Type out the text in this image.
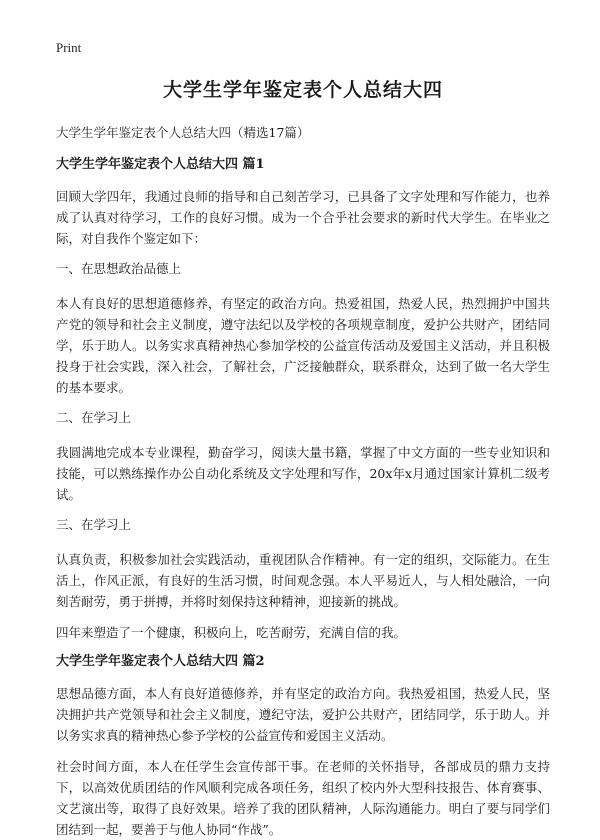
Print
大学生学年鉴定表个人总结大四
大学生学年鉴定表个人总结大四（精选17篇）
大学生学年鉴定表个人总结大四 篇1

回顾大学四年，我通过良师的指导和自己刻苦学习，已具备了文字处理和写作能力，也养成了认真对待学习，工作的良好习惯。成为一个合乎社会要求的新时代大学生。在毕业之际，对自我作个鉴定如下：

一、在思想政治品德上

本人有良好的思想道德修养，有坚定的政治方向。热爱祖国，热爱人民，热烈拥护中国共产党的领导和社会主义制度，遵守法纪以及学校的各项规章制度，爱护公共财产，团结同学，乐于助人。以务实求真精神热心参加学校的公益宣传活动及爱国主义活动，并且积极投身于社会实践，深入社会，了解社会，广泛接触群众，联系群众，达到了做一名大学生的基本要求。

二、在学习上

我圆满地完成本专业课程，勤奋学习，阅读大量书籍，掌握了中文方面的一些专业知识和技能，可以熟练操作办公自动化系统及文字处理和写作，20x年x月通过国家计算机二级考试。

三、在学习上

认真负责，积极参加社会实践活动，重视团队合作精神。有一定的组织，交际能力。在生活上，作风正派，有良好的生活习惯，时间观念强。本人平易近人，与人相处融洽，一向刻苦耐劳，勇于拼搏，并将时刻保持这种精神，迎接新的挑战。

四年来塑造了一个健康，积极向上，吃苦耐劳，充满自信的我。

大学生学年鉴定表个人总结大四 篇2

思想品德方面，本人有良好道德修养，并有坚定的政治方向。我热爱祖国，热爱人民，坚决拥护共产党领导和社会主义制度，遵纪守法，爱护公共财产，团结同学，乐于助人。并以务实求真的精神热心参予学校的公益宣传和爱国主义活动。

社会时间方面，本人在任学生会宣传部干事。在老师的关怀指导，各部成员的鼎力支持下，以高效优质团结的作风顺利完成各项任务，组织了校内外大型科技报告、体育赛事、文艺演出等，取得了良好效果。培养了我的团队精神，人际沟通能力。明白了要与同学们团结到一起，要善于与他人协同“作战”。
